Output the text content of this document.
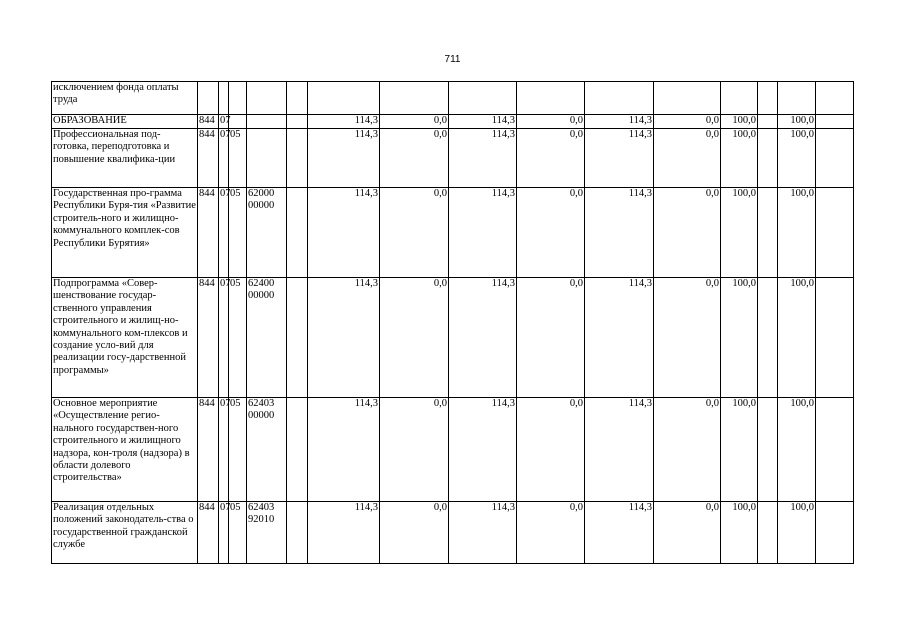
711
исключением фонда оплаты труда															
ОБРАЗОВАНИЕ	844	07				114,3	0,0	114,3	0,0	114,3	0,0	100,0		100,0	
Профессиональная под-готовка, переподготовка и повышение квалифика-ции	844	07	05			114,3	0,0	114,3	0,0	114,3	0,0	100,0		100,0	
Государственная про-грамма Республики Буря-тия «Развитие строитель-ного и жилищно-коммунального комплек-сов Республики Бурятия»	844	07	05	62000 00000		114,3	0,0	114,3	0,0	114,3	0,0	100,0		100,0	
Подпрограмма «Совер-шенствование государ-ственного управления строительного и жилищ-но-коммунального ком-плексов и создание усло-вий для реализации госу-дарственной программы»	844	07	05	62400 00000		114,3	0,0	114,3	0,0	114,3	0,0	100,0		100,0	
Основное мероприятие «Осуществление регио-нального государствен-ного строительного и жилищного надзора, кон-троля (надзора) в области долевого строительства»	844	07	05	62403 00000		114,3	0,0	114,3	0,0	114,3	0,0	100,0		100,0	
Реализация отдельных положений законодатель-ства о государственной гражданской службе	844	07	05	62403 92010		114,3	0,0	114,3	0,0	114,3	0,0	100,0		100,0	
